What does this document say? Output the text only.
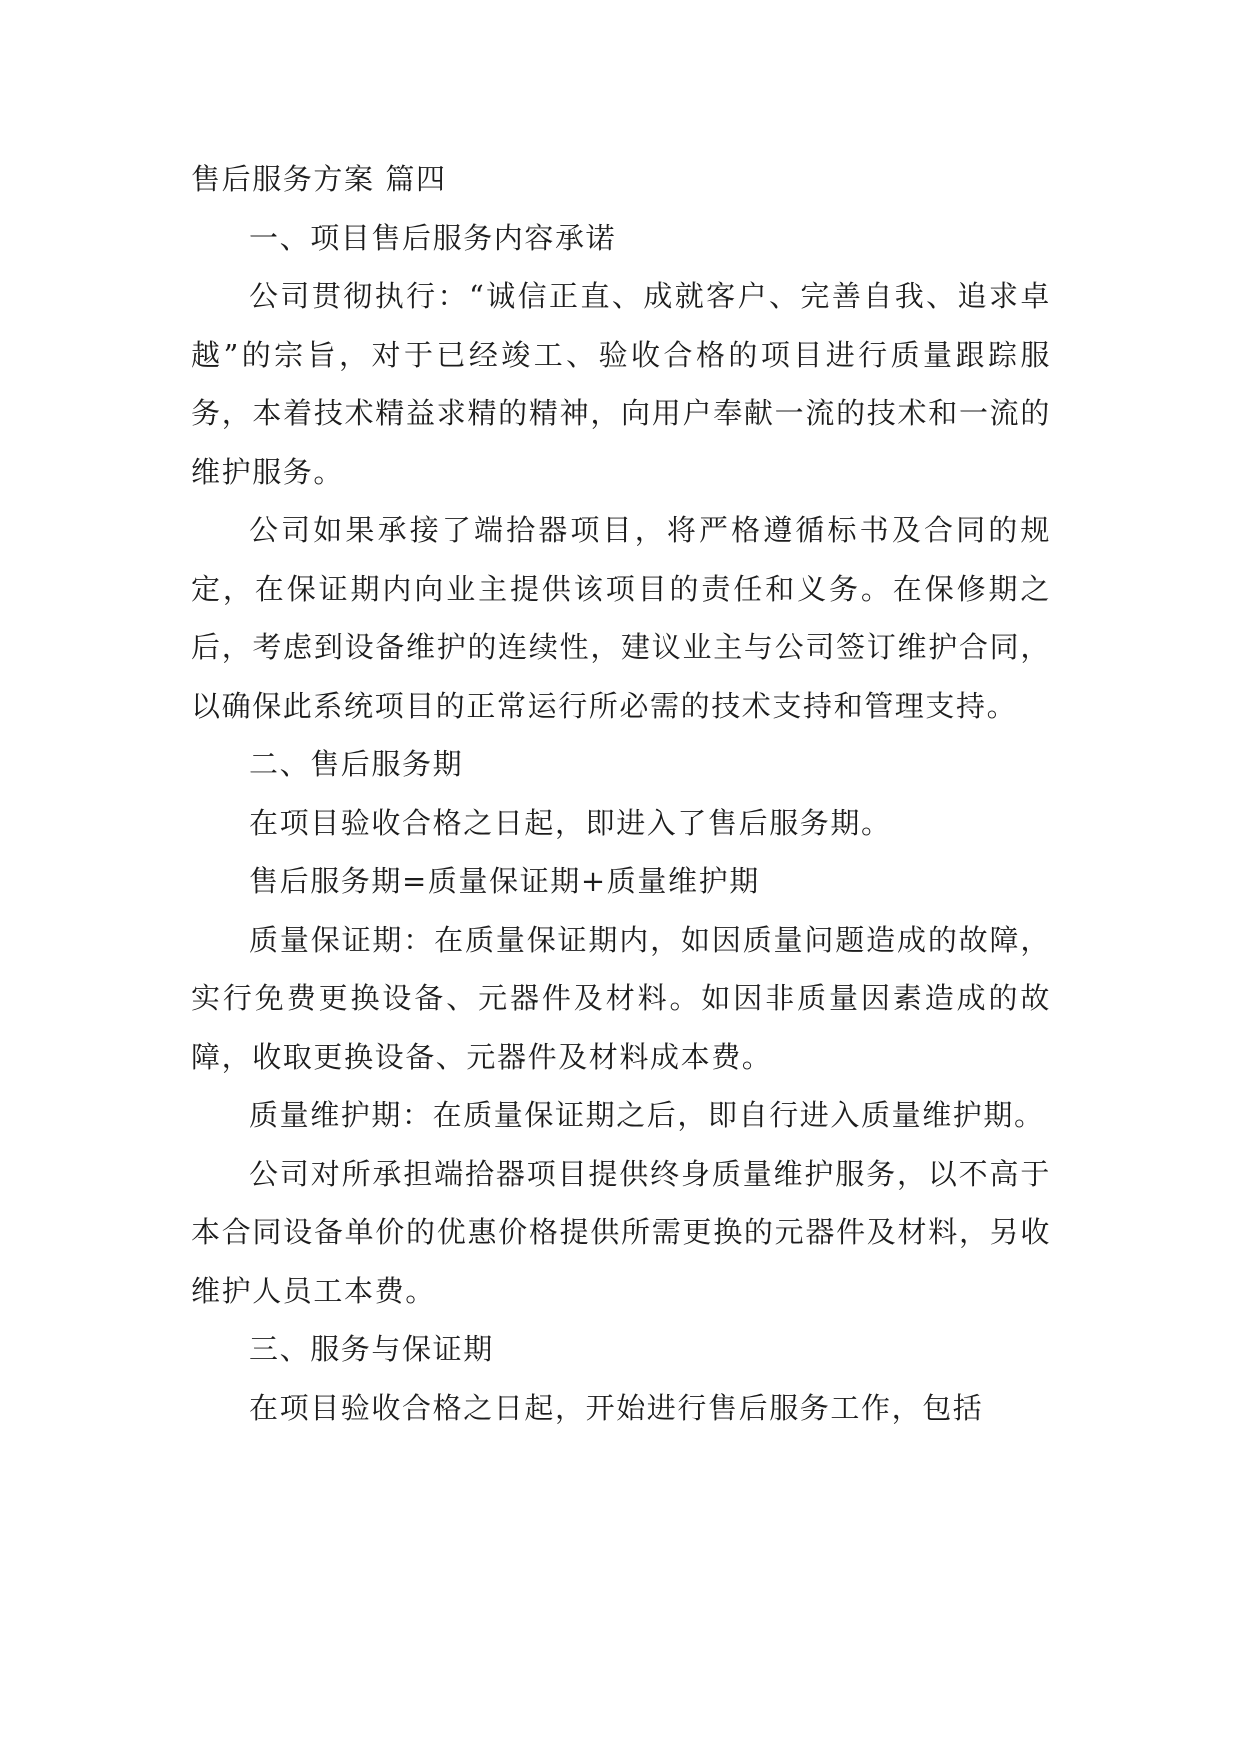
售后服务方案 篇四

一、项目售后服务内容承诺

公司贯彻执行：“诚信正直、成就客户、完善自我、追求卓越”的宗旨，对于已经竣工、验收合格的项目进行质量跟踪服务，本着技术精益求精的精神，向用户奉献一流的技术和一流的维护服务。

公司如果承接了端拾器项目，将严格遵循标书及合同的规定，在保证期内向业主提供该项目的责任和义务。在保修期之后，考虑到设备维护的连续性，建议业主与公司签订维护合同，以确保此系统项目的正常运行所必需的技术支持和管理支持。

二、售后服务期

在项目验收合格之日起，即进入了售后服务期。

售后服务期=质量保证期+质量维护期

质量保证期：在质量保证期内，如因质量问题造成的故障，实行免费更换设备、元器件及材料。如因非质量因素造成的故障，收取更换设备、元器件及材料成本费。

质量维护期：在质量保证期之后，即自行进入质量维护期。

公司对所承担端拾器项目提供终身质量维护服务，以不高于本合同设备单价的优惠价格提供所需更换的元器件及材料，另收维护人员工本费。

三、服务与保证期

在项目验收合格之日起，开始进行售后服务工作，包括
